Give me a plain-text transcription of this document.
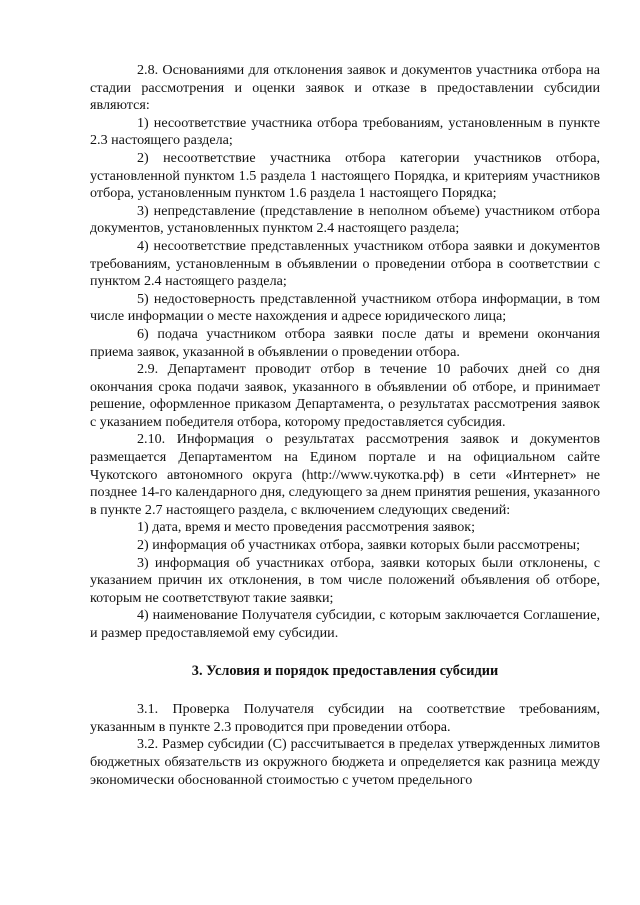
2.8. Основаниями для отклонения заявок и документов участника отбора на стадии рассмотрения и оценки заявок и отказе в предоставлении субсидии являются:

1) несоответствие участника отбора требованиям, установленным в пункте 2.3 настоящего раздела;

2) несоответствие участника отбора категории участников отбора, установленной пунктом 1.5 раздела 1 настоящего Порядка, и критериям участников отбора, установленным пунктом 1.6 раздела 1 настоящего Порядка;

3) непредставление (представление в неполном объеме) участником отбора документов, установленных пунктом 2.4 настоящего раздела;

4) несоответствие представленных участником отбора заявки и документов требованиям, установленным в объявлении о проведении отбора в соответствии с пунктом 2.4 настоящего раздела;

5) недостоверность представленной участником отбора информации, в том числе информации о месте нахождения и адресе юридического лица;

6) подача участником отбора заявки после даты и времени окончания приема заявок, указанной в объявлении о проведении отбора.

2.9. Департамент проводит отбор в течение 10 рабочих дней со дня окончания срока подачи заявок, указанного в объявлении об отборе, и принимает решение, оформленное приказом Департамента, о результатах рассмотрения заявок с указанием победителя отбора, которому предоставляется субсидия.

2.10. Информация о результатах рассмотрения заявок и документов размещается Департаментом на Едином портале и на официальном сайте Чукотского автономного округа (http://www.чукотка.рф) в сети «Интернет» не позднее 14-го календарного дня, следующего за днем принятия решения, указанного в пункте 2.7 настоящего раздела, с включением следующих сведений:

1) дата, время и место проведения рассмотрения заявок;

2) информация об участниках отбора, заявки которых были рассмотрены;

3) информация об участниках отбора, заявки которых были отклонены, с указанием причин их отклонения, в том числе положений объявления об отборе, которым не соответствуют такие заявки;

4) наименование Получателя субсидии, с которым заключается Соглашение, и размер предоставляемой ему субсидии.

3. Условия и порядок предоставления субсидии

3.1. Проверка Получателя субсидии на соответствие требованиям, указанным в пункте 2.3 проводится при проведении отбора.

3.2. Размер субсидии (С) рассчитывается в пределах утвержденных лимитов бюджетных обязательств из окружного бюджета и определяется как разница между экономически обоснованной стоимостью с учетом предельного
